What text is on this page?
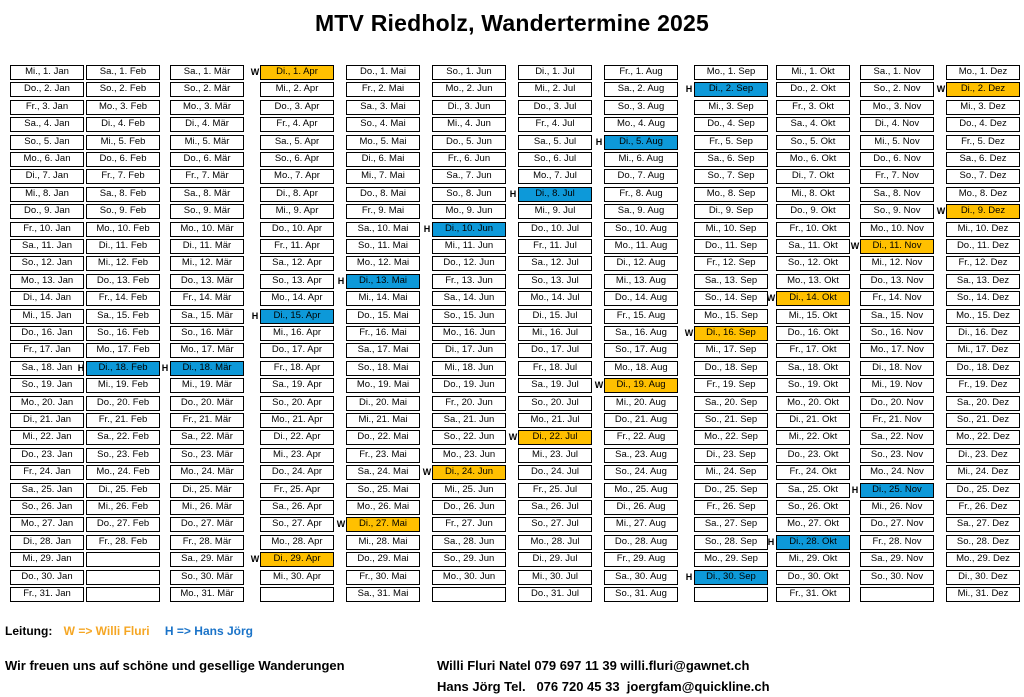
MTV Riedholz, Wandertermine 2025
Mi., 1. Jan
Do., 2. Jan
Fr., 3. Jan
Sa., 4. Jan
So., 5. Jan
Mo., 6. Jan
Di., 7. Jan
Mi., 8. Jan
Do., 9. Jan
Fr., 10. Jan
Sa., 11. Jan
So., 12. Jan
Mo., 13. Jan
Di., 14. Jan
Mi., 15. Jan
Do., 16. Jan
Fr., 17. Jan
Sa., 18. Jan
So., 19. Jan
Mo., 20. Jan
Di., 21. Jan
Mi., 22. Jan
Do., 23. Jan
Fr., 24. Jan
Sa., 25. Jan
So., 26. Jan
Mo., 27. Jan
Di., 28. Jan
Mi., 29. Jan
Do., 30. Jan
Fr., 31. Jan
Sa., 1. Feb
So., 2. Feb
Mo., 3. Feb
Di., 4. Feb
Mi., 5. Feb
Do., 6. Feb
Fr., 7. Feb
Sa., 8. Feb
So., 9. Feb
Mo., 10. Feb
Di., 11. Feb
Mi., 12. Feb
Do., 13. Feb
Fr., 14. Feb
Sa., 15. Feb
So., 16. Feb
Mo., 17. Feb
Di., 18. Feb
H
Mi., 19. Feb
Do., 20. Feb
Fr., 21. Feb
Sa., 22. Feb
So., 23. Feb
Mo., 24. Feb
Di., 25. Feb
Mi., 26. Feb
Do., 27. Feb
Fr., 28. Feb
Sa., 1. Mär
So., 2. Mär
Mo., 3. Mär
Di., 4. Mär
Mi., 5. Mär
Do., 6. Mär
Fr., 7. Mär
Sa., 8. Mär
So., 9. Mär
Mo., 10. Mär
Di., 11. Mär
Mi., 12. Mär
Do., 13. Mär
Fr., 14. Mär
Sa., 15. Mär
So., 16. Mär
Mo., 17. Mär
Di., 18. Mär
H
Mi., 19. Mär
Do., 20. Mär
Fr., 21. Mär
Sa., 22. Mär
So., 23. Mär
Mo., 24. Mär
Di., 25. Mär
Mi., 26. Mär
Do., 27. Mär
Fr., 28. Mär
Sa., 29. Mär
So., 30. Mär
Mo., 31. Mär
Di., 1. Apr
W
Mi., 2. Apr
Do., 3. Apr
Fr., 4. Apr
Sa., 5. Apr
So., 6. Apr
Mo., 7. Apr
Di., 8. Apr
Mi., 9. Apr
Do., 10. Apr
Fr., 11. Apr
Sa., 12. Apr
So., 13. Apr
Mo., 14. Apr
Di., 15. Apr
H
Mi., 16. Apr
Do., 17. Apr
Fr., 18. Apr
Sa., 19. Apr
So., 20. Apr
Mo., 21. Apr
Di., 22. Apr
Mi., 23. Apr
Do., 24. Apr
Fr., 25. Apr
Sa., 26. Apr
So., 27. Apr
Mo., 28. Apr
Di., 29. Apr
W
Mi., 30. Apr
Do., 1. Mai
Fr., 2. Mai
Sa., 3. Mai
So., 4. Mai
Mo., 5. Mai
Di., 6. Mai
Mi., 7. Mai
Do., 8. Mai
Fr., 9. Mai
Sa., 10. Mai
So., 11. Mai
Mo., 12. Mai
Di., 13. Mai
H
Mi., 14. Mai
Do., 15. Mai
Fr., 16. Mai
Sa., 17. Mai
So., 18. Mai
Mo., 19. Mai
Di., 20. Mai
Mi., 21. Mai
Do., 22. Mai
Fr., 23. Mai
Sa., 24. Mai
So., 25. Mai
Mo., 26. Mai
Di., 27. Mai
W
Mi., 28. Mai
Do., 29. Mai
Fr., 30. Mai
Sa., 31. Mai
So., 1. Jun
Mo., 2. Jun
Di., 3. Jun
Mi., 4. Jun
Do., 5. Jun
Fr., 6. Jun
Sa., 7. Jun
So., 8. Jun
Mo., 9. Jun
Di., 10. Jun
H
Mi., 11. Jun
Do., 12. Jun
Fr., 13. Jun
Sa., 14. Jun
So., 15. Jun
Mo., 16. Jun
Di., 17. Jun
Mi., 18. Jun
Do., 19. Jun
Fr., 20. Jun
Sa., 21. Jun
So., 22. Jun
Mo., 23. Jun
Di., 24. Jun
W
Mi., 25. Jun
Do., 26. Jun
Fr., 27. Jun
Sa., 28. Jun
So., 29. Jun
Mo., 30. Jun
Di., 1. Jul
Mi., 2. Jul
Do., 3. Jul
Fr., 4. Jul
Sa., 5. Jul
So., 6. Jul
Mo., 7. Jul
Di., 8. Jul
H
Mi., 9. Jul
Do., 10. Jul
Fr., 11. Jul
Sa., 12. Jul
So., 13. Jul
Mo., 14. Jul
Di., 15. Jul
Mi., 16. Jul
Do., 17. Jul
Fr., 18. Jul
Sa., 19. Jul
So., 20. Jul
Mo., 21. Jul
Di., 22. Jul
W
Mi., 23. Jul
Do., 24. Jul
Fr., 25. Jul
Sa., 26. Jul
So., 27. Jul
Mo., 28. Jul
Di., 29. Jul
Mi., 30. Jul
Do., 31. Jul
Fr., 1. Aug
Sa., 2. Aug
So., 3. Aug
Mo., 4. Aug
Di., 5. Aug
H
Mi., 6. Aug
Do., 7. Aug
Fr., 8. Aug
Sa., 9. Aug
So., 10. Aug
Mo., 11. Aug
Di., 12. Aug
Mi., 13. Aug
Do., 14. Aug
Fr., 15. Aug
Sa., 16. Aug
So., 17. Aug
Mo., 18. Aug
Di., 19. Aug
W
Mi., 20. Aug
Do., 21. Aug
Fr., 22. Aug
Sa., 23. Aug
So., 24. Aug
Mo., 25. Aug
Di., 26. Aug
Mi., 27. Aug
Do., 28. Aug
Fr., 29. Aug
Sa., 30. Aug
So., 31. Aug
Mo., 1. Sep
Di., 2. Sep
H
Mi., 3. Sep
Do., 4. Sep
Fr., 5. Sep
Sa., 6. Sep
So., 7. Sep
Mo., 8. Sep
Di., 9. Sep
Mi., 10. Sep
Do., 11. Sep
Fr., 12. Sep
Sa., 13. Sep
So., 14. Sep
Mo., 15. Sep
Di., 16. Sep
W
Mi., 17. Sep
Do., 18. Sep
Fr., 19. Sep
Sa., 20. Sep
So., 21. Sep
Mo., 22. Sep
Di., 23. Sep
Mi., 24. Sep
Do., 25. Sep
Fr., 26. Sep
Sa., 27. Sep
So., 28. Sep
Mo., 29. Sep
Di., 30. Sep
H
Mi., 1. Okt
Do., 2. Okt
Fr., 3. Okt
Sa., 4. Okt
So., 5. Okt
Mo., 6. Okt
Di., 7. Okt
Mi., 8. Okt
Do., 9. Okt
Fr., 10. Okt
Sa., 11. Okt
So., 12. Okt
Mo., 13. Okt
Di., 14. Okt
W
Mi., 15. Okt
Do., 16. Okt
Fr., 17. Okt
Sa., 18. Okt
So., 19. Okt
Mo., 20. Okt
Di., 21. Okt
Mi., 22. Okt
Do., 23. Okt
Fr., 24. Okt
Sa., 25. Okt
So., 26. Okt
Mo., 27. Okt
Di., 28. Okt
H
Mi., 29. Okt
Do., 30. Okt
Fr., 31. Okt
Sa., 1. Nov
So., 2. Nov
Mo., 3. Nov
Di., 4. Nov
Mi., 5. Nov
Do., 6. Nov
Fr., 7. Nov
Sa., 8. Nov
So., 9. Nov
Mo., 10. Nov
Di., 11. Nov
W
Mi., 12. Nov
Do., 13. Nov
Fr., 14. Nov
Sa., 15. Nov
So., 16. Nov
Mo., 17. Nov
Di., 18. Nov
Mi., 19. Nov
Do., 20. Nov
Fr., 21. Nov
Sa., 22. Nov
So., 23. Nov
Mo., 24. Nov
Di., 25. Nov
H
Mi., 26. Nov
Do., 27. Nov
Fr., 28. Nov
Sa., 29. Nov
So., 30. Nov
Mo., 1. Dez
Di., 2. Dez
W
Mi., 3. Dez
Do., 4. Dez
Fr., 5. Dez
Sa., 6. Dez
So., 7. Dez
Mo., 8. Dez
Di., 9. Dez
W
Mi., 10. Dez
Do., 11. Dez
Fr., 12. Dez
Sa., 13. Dez
So., 14. Dez
Mo., 15. Dez
Di., 16. Dez
Mi., 17. Dez
Do., 18. Dez
Fr., 19. Dez
Sa., 20. Dez
So., 21. Dez
Mo., 22. Dez
Di., 23. Dez
Mi., 24. Dez
Do., 25. Dez
Fr., 26. Dez
Sa., 27. Dez
So., 28. Dez
Mo., 29. Dez
Di., 30. Dez
Mi., 31. Dez
Leitung: W => Willi Fluri H => Hans Jörg
Wir freuen uns auf schöne und gesellige Wanderungen	Willi Fluri Natel 079 697 11 39 willi.fluri@gawnet.ch
Hans Jörg Tel.   076 720 45 33  joergfam@quickline.ch
